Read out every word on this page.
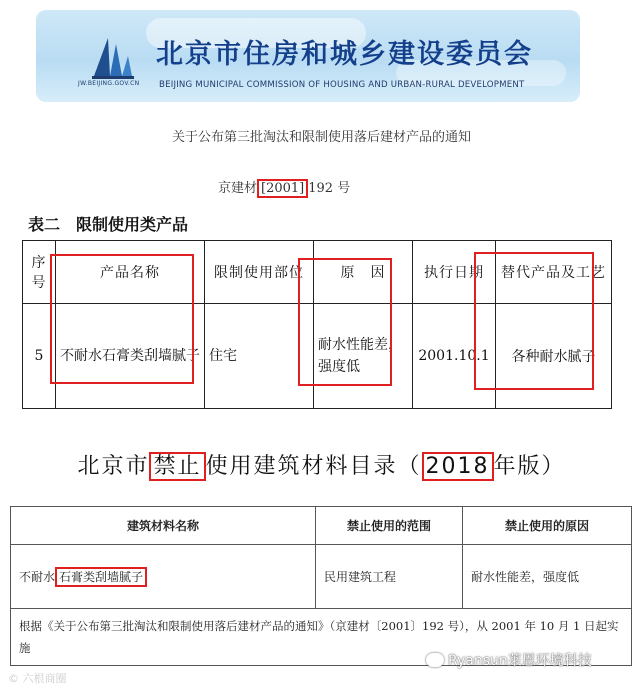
JW.BEIJING.GOV.CN
北京市住房和城乡建设委员会
BEIJING MUNICIPAL COMMISSION OF HOUSING AND URBAN-RURAL DEVELOPMENT
关于公布第三批淘汰和限制使用落后建材产品的通知
京建材 [2001] 192 号
表二　限制使用类产品
序号	产品名称	限制使用部位	原　因	执行日期	替代产品及工艺
5	不耐水石膏类刮墙腻子	住宅	耐水性能差，强度低	2001.10.1	各种耐水腻子
北京市 禁止 使用建筑材料目录（ 2018 年版）
建筑材料名称	禁止使用的范围	禁止使用的原因
不耐水 石膏类刮墙腻子	民用建筑工程	耐水性能差，强度低
根据《关于公布第三批淘汰和限制使用落后建材产品的通知》（京建材〔2001〕192 号），从 2001 年 10 月 1 日起实施		
© 六根商圈
Ryansun莱恩环境科技
